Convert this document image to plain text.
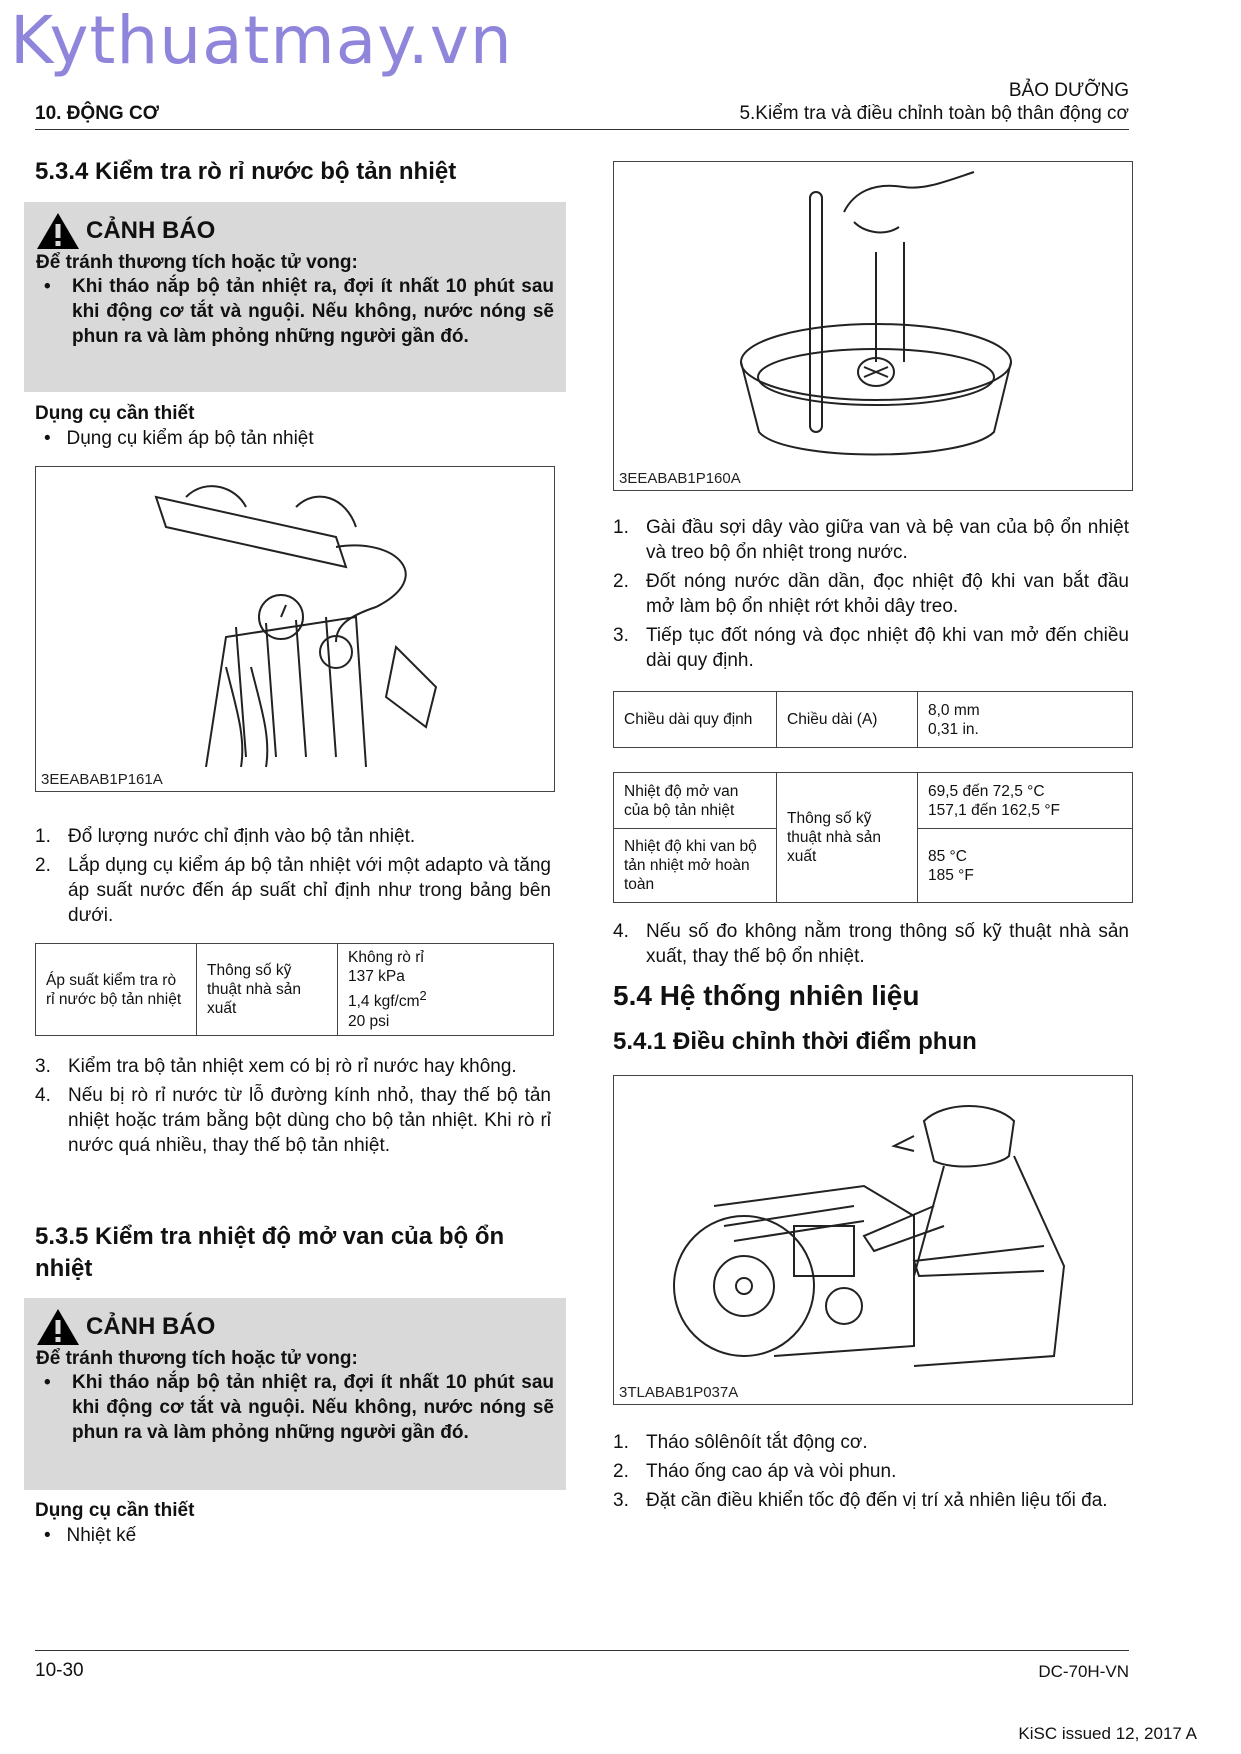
Kythuatmay.vn
BẢO DƯỠNG
5.Kiểm tra và điều chỉnh toàn bộ thân động cơ
10. ĐỘNG CƠ
5.3.4 Kiểm tra rò rỉ nước bộ tản nhiệt
CẢNH BÁO
Để tránh thương tích hoặc tử vong:
• Khi tháo nắp bộ tản nhiệt ra, đợi ít nhất 10 phút sau khi động cơ tắt và nguội. Nếu không, nước nóng sẽ phun ra và làm phỏng những người gần đó.
Dụng cụ cần thiết
•   Dụng cụ kiểm áp bộ tản nhiệt
3EEABAB1P161A
1. Đổ lượng nước chỉ định vào bộ tản nhiệt.
2. Lắp dụng cụ kiểm áp bộ tản nhiệt với một adapto và tăng áp suất nước đến áp suất chỉ định như trong bảng bên dưới.
Áp suất kiểm tra rò rỉ nước bộ tản nhiệt	Thông số kỹ thuật nhà sản xuất	
Không rò rỉ
137 kPa
1,4 kgf/$cm^2$
20 psi
3. Kiểm tra bộ tản nhiệt xem có bị rò rỉ nước hay không.
4. Nếu bị rò rỉ nước từ lỗ đường kính nhỏ, thay thế bộ tản nhiệt hoặc trám bằng bột dùng cho bộ tản nhiệt. Khi rò rỉ nước quá nhiều, thay thế bộ tản nhiệt.
5.3.5 Kiểm tra nhiệt độ mở van của bộ ổn nhiệt
CẢNH BÁO
Để tránh thương tích hoặc tử vong:
• Khi tháo nắp bộ tản nhiệt ra, đợi ít nhất 10 phút sau khi động cơ tắt và nguội. Nếu không, nước nóng sẽ phun ra và làm phỏng những người gần đó.
Dụng cụ cần thiết
•   Nhiệt kế
3EEABAB1P160A
1. Gài đầu sợi dây vào giữa van và bệ van của bộ ổn nhiệt và treo bộ ổn nhiệt trong nước.
2. Đốt nóng nước dần dần, đọc nhiệt độ khi van bắt đầu mở làm bộ ổn nhiệt rớt khỏi dây treo.
3. Tiếp tục đốt nóng và đọc nhiệt độ khi van mở đến chiều dài quy định.
Chiều dài quy định	Chiều dài (A)	
8,0 mm
0,31 in.
Nhiệt độ mở van của bộ tản nhiệt	Thông số kỹ thuật nhà sản xuất	69,5 đến 72,5 °C
157,1 đến 162,5 °F

Nhiệt độ khi van bộ tản nhiệt mở hoàn toàn		85 °C
185 °F
4. Nếu số đo không nằm trong thông số kỹ thuật nhà sản xuất, thay thế bộ ổn nhiệt.
5.4 Hệ thống nhiên liệu
5.4.1 Điều chỉnh thời điểm phun
3TLABAB1P037A
1. Tháo sôlênôít tắt động cơ.
2. Tháo ống cao áp và vòi phun.
3. Đặt cần điều khiển tốc độ đến vị trí xả nhiên liệu tối đa.
10-30	DC-70H-VN
KiSC issued 12, 2017 A
